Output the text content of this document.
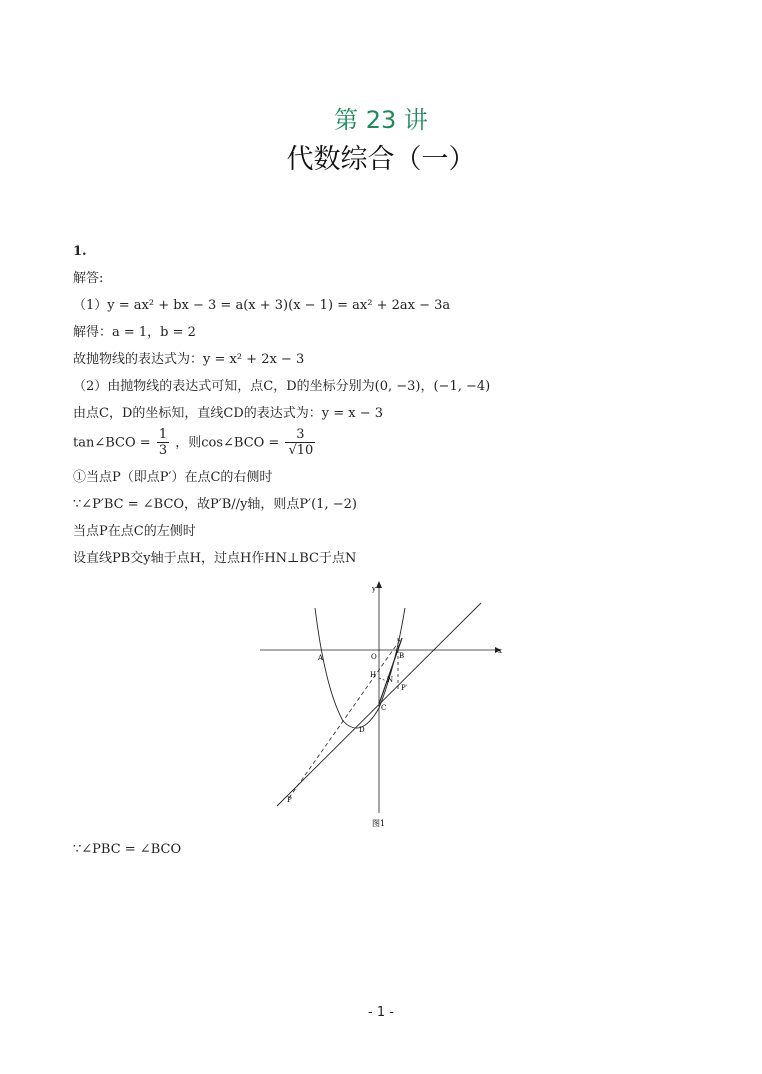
第 23 讲
代数综合（一）
1.
解答:
（1）y = ax² + bx − 3 = a(x + 3)(x − 1) = ax² + 2ax − 3a
解得：a = 1，b = 2
故抛物线的表达式为：y = x² + 2x − 3
（2）由抛物线的表达式可知，点C，D的坐标分别为(0, −3)，(−1, −4)
由点C，D的坐标知，直线CD的表达式为：y = x − 3
tan∠BCO = $\frac{1}{3}$ ，则cos∠BCO = $\frac{3}{√10}$
①当点P（即点P′）在点C的右侧时
∵∠P′BC = ∠BCO，故P′B//y轴，则点P′(1, −2)
当点P在点C的左侧时
设直线PB交y轴于点H，过点H作HN⊥BC于点N
x
y
A	O	B
H
N
P′
C
D
P
图1
∵∠PBC = ∠BCO
- 1 -
